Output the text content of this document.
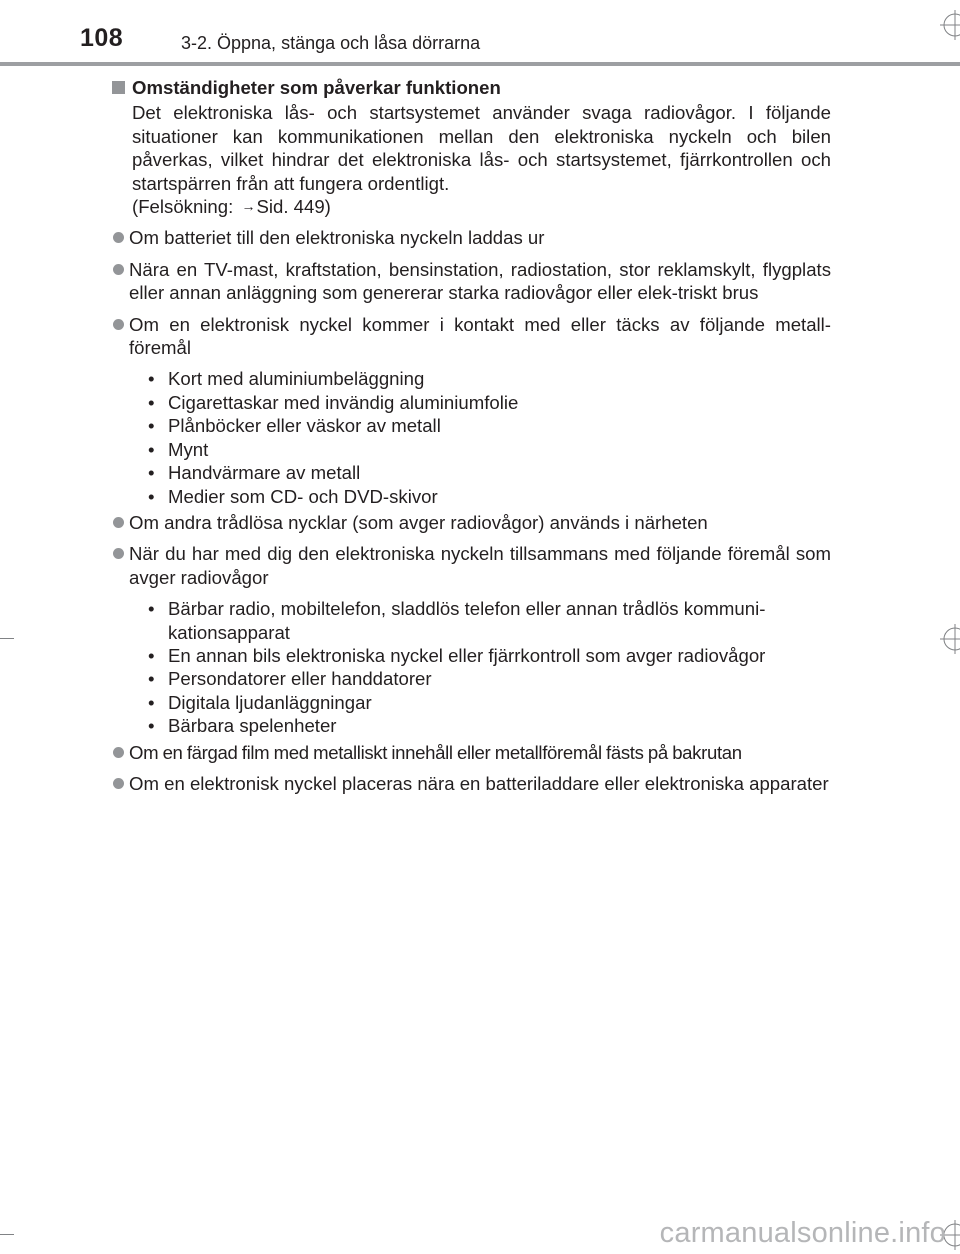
108	3-2. Öppna, stänga och låsa dörrarna
Omständigheter som påverkar funktionen

Det elektroniska lås- och startsystemet använder svaga radiovågor. I följande situationer kan kommunikationen mellan den elektroniska nyckeln och bilen påverkas, vilket hindrar det elektroniska lås- och startsystemet, fjärrkontrollen och startspärren från att fungera ordentligt.

(Felsökning: →Sid. 449)

Om batteriet till den elektroniska nyckeln laddas ur
Nära en TV-mast, kraftstation, bensinstation, radiostation, stor reklamskylt, flygplats eller annan anläggning som genererar starka radiovågor eller elek-triskt brus
Om en elektronisk nyckel kommer i kontakt med eller täcks av följande metall-föremål
• Kort med aluminiumbeläggning
• Cigarettaskar med invändig aluminiumfolie
• Plånböcker eller väskor av metall
• Mynt
• Handvärmare av metall
• Medier som CD- och DVD-skivor
Om andra trådlösa nycklar (som avger radiovågor) används i närheten
När du har med dig den elektroniska nyckeln tillsammans med följande föremål som avger radiovågor
• Bärbar radio, mobiltelefon, sladdlös telefon eller annan trådlös kommuni-kationsapparat
• En annan bils elektroniska nyckel eller fjärrkontroll som avger radiovågor
• Persondatorer eller handdatorer
• Digitala ljudanläggningar
• Bärbara spelenheter
Om en färgad film med metalliskt innehåll eller metallföremål fästs på bakrutan
Om en elektronisk nyckel placeras nära en batteriladdare eller elektroniska apparater
carmanualsonline.info
